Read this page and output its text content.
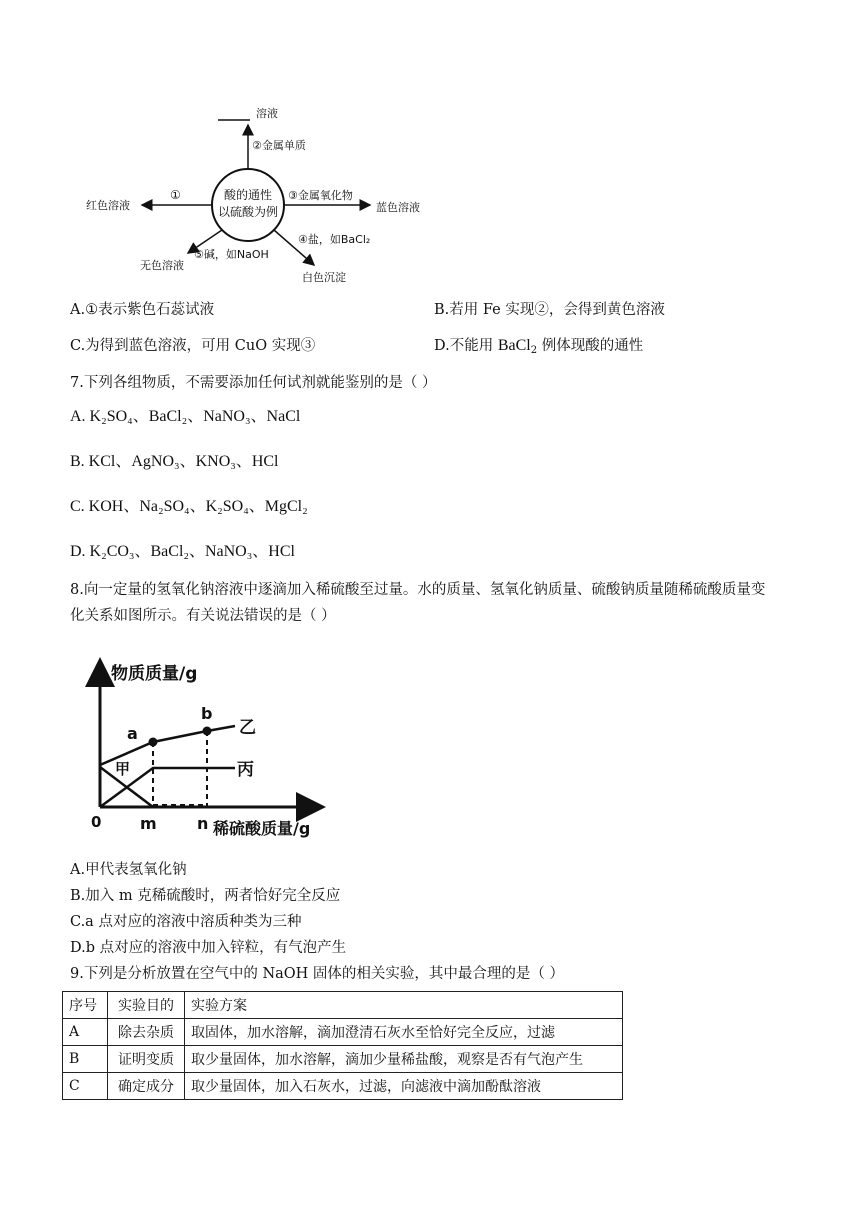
酸的通性
以硫酸为例
溶液
②金属单质
①
红色溶液
③金属氧化物
蓝色溶液
④盐，如BaCl₂
白色沉淀
⑤碱，如NaOH
无色溶液
A.①表示紫色石蕊试液	B.若用 Fe 实现②，会得到黄色溶液
C.为得到蓝色溶液，可用 CuO 实现③	D.不能用 BaCl$_2$ 例体现酸的通性
7.下列各组物质，不需要添加任何试剂就能鉴别的是（ ）
A. K₂SO₄、BaCl₂、NaNO₃、NaCl
B. KCl、AgNO₃、KNO₃、HCl
C. KOH、Na₂SO₄、K₂SO₄、MgCl₂
D. K₂CO₃、BaCl₂、NaNO₃、HCl
8.向一定量的氢氧化钠溶液中逐滴加入稀硫酸至过量。水的质量、氢氧化钠质量、硫酸钠质量随稀硫酸质量变
化关系如图所示。有关说法错误的是（ ）
物质质量/g
稀硫酸质量/g
0 m	n
a
b
乙
丙
甲
A.甲代表氢氧化钠
B.加入 m 克稀硫酸时，两者恰好完全反应
C.a 点对应的溶液中溶质种类为三种
D.b 点对应的溶液中加入锌粒，有气泡产生
9.下列是分析放置在空气中的 NaOH 固体的相关实验，其中最合理的是（ ）
序号	实验目的	实验方案
A	除去杂质	取固体，加水溶解，滴加澄清石灰水至恰好完全反应，过滤
B	证明变质	取少量固体，加水溶解，滴加少量稀盐酸，观察是否有气泡产生
C	确定成分	取少量固体，加入石灰水，过滤，向滤液中滴加酚酞溶液
